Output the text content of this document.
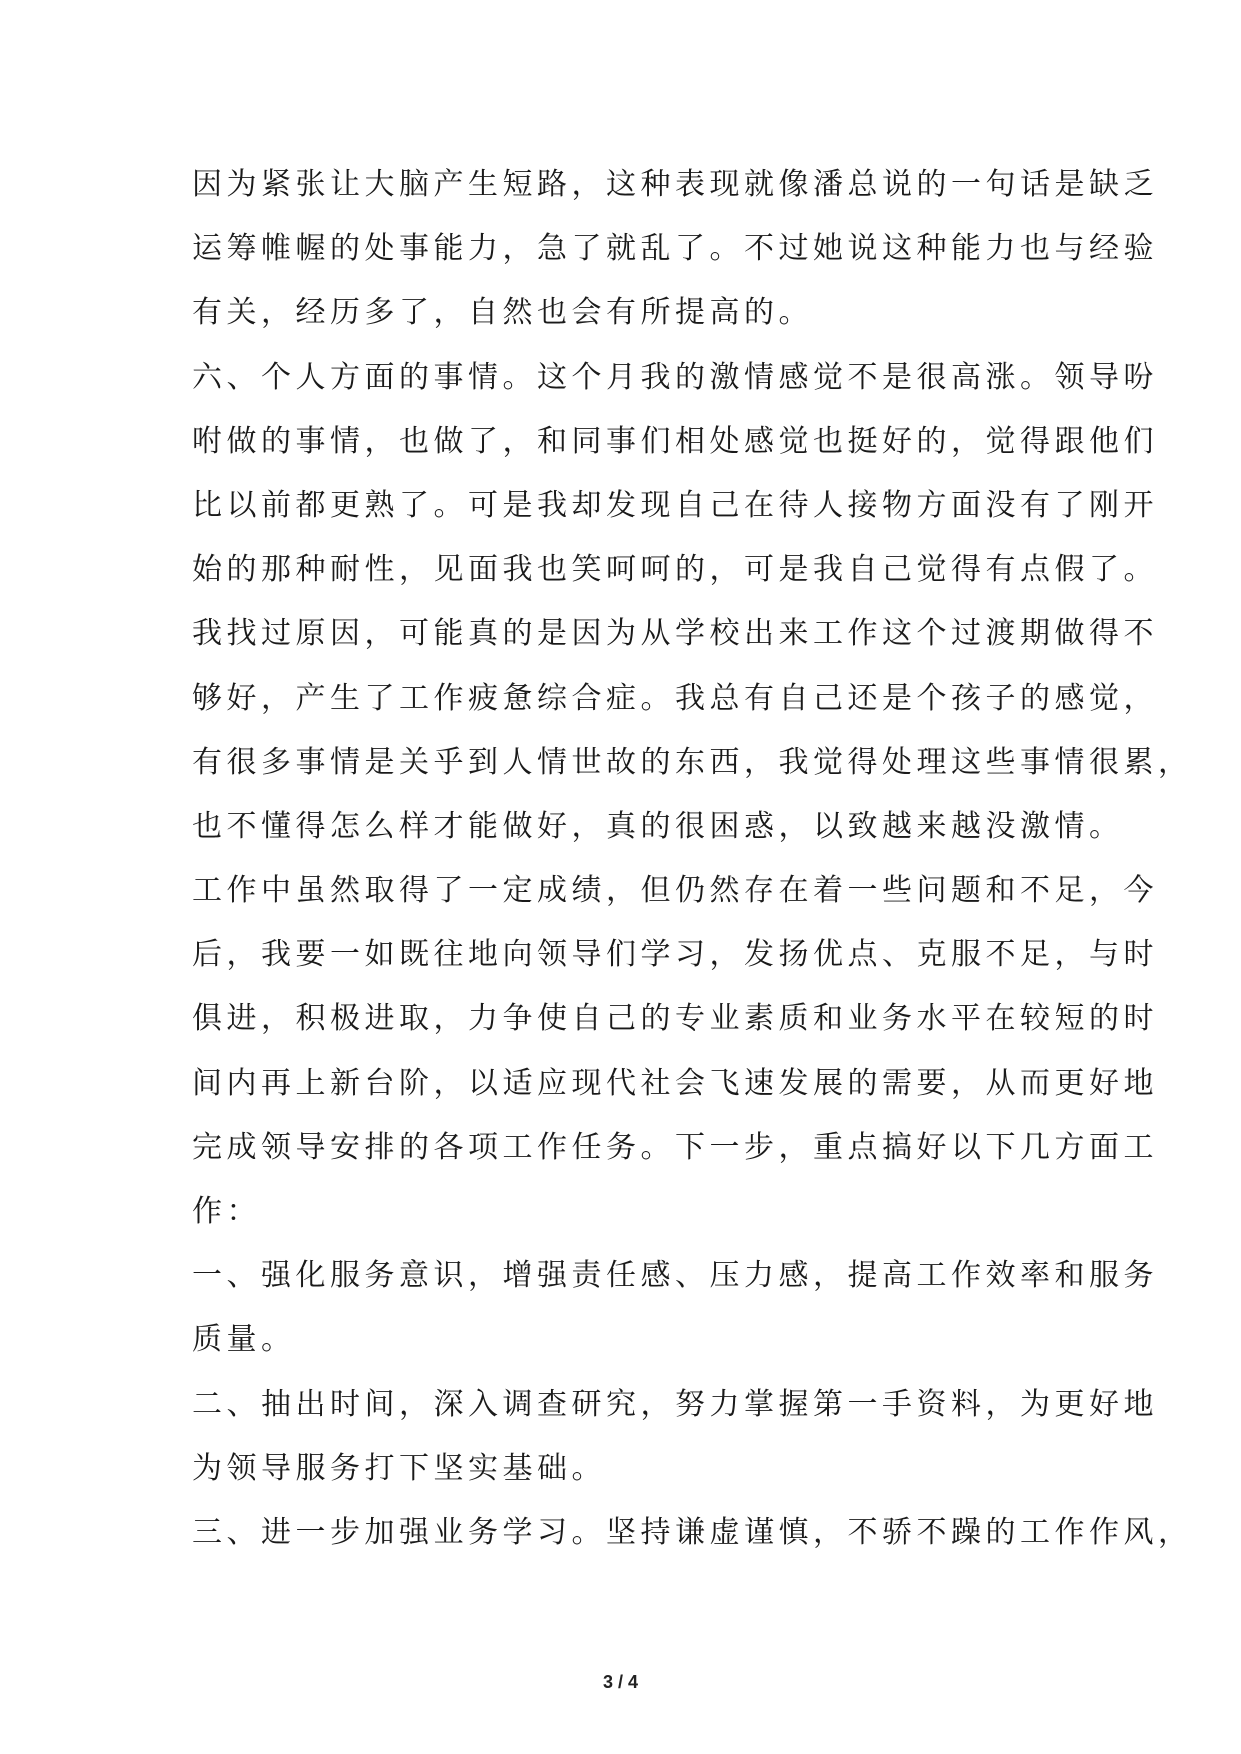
因为紧张让大脑产生短路，这种表现就像潘总说的一句话是缺乏
运筹帷幄的处事能力，急了就乱了。不过她说这种能力也与经验
有关，经历多了，自然也会有所提高的。
六、个人方面的事情。这个月我的激情感觉不是很高涨。领导吩
咐做的事情，也做了，和同事们相处感觉也挺好的，觉得跟他们
比以前都更熟了。可是我却发现自己在待人接物方面没有了刚开
始的那种耐性，见面我也笑呵呵的，可是我自己觉得有点假了。
我找过原因，可能真的是因为从学校出来工作这个过渡期做得不
够好，产生了工作疲惫综合症。我总有自己还是个孩子的感觉，
有很多事情是关乎到人情世故的东西，我觉得处理这些事情很累，
也不懂得怎么样才能做好，真的很困惑，以致越来越没激情。
工作中虽然取得了一定成绩，但仍然存在着一些问题和不足，今
后，我要一如既往地向领导们学习，发扬优点、克服不足，与时
俱进，积极进取，力争使自己的专业素质和业务水平在较短的时
间内再上新台阶，以适应现代社会飞速发展的需要，从而更好地
完成领导安排的各项工作任务。下一步，重点搞好以下几方面工
作：
一、强化服务意识，增强责任感、压力感，提高工作效率和服务
质量。
二、抽出时间，深入调查研究，努力掌握第一手资料，为更好地
为领导服务打下坚实基础。
三、进一步加强业务学习。坚持谦虚谨慎，不骄不躁的工作作风，
3 / 4
